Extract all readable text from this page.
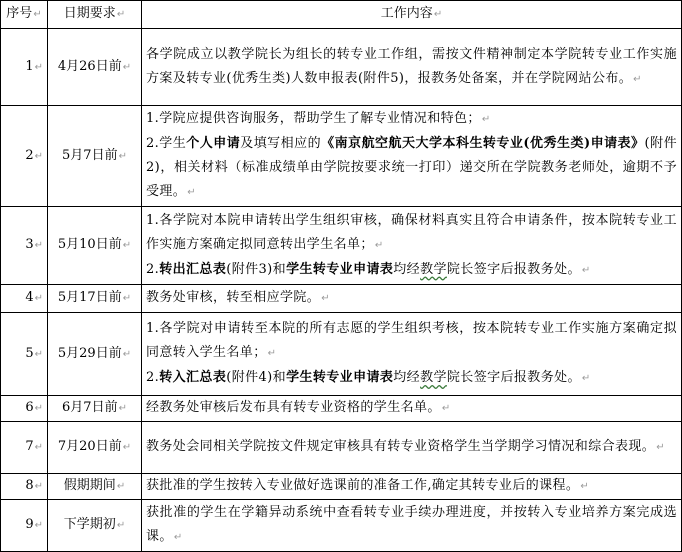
序号↵	日期要求↵	工作内容↵
1↵	4月26日前↵	各学院成立以教学院长为组长的转专业工作组，需按文件精神制定本学院转专业工作实施方案及转专业(优秀生类)人数申报表(附件5)，报教务处备案，并在学院网站公布。↵
2↵	5月7日前↵	1.学院应提供咨询服务，帮助学生了解专业情况和特色；↵
2.学生个人申请及填写相应的《南京航空航天大学本科生转专业(优秀生类)申请表》(附件2)，相关材料（标准成绩单由学院按要求统一打印）递交所在学院教务老师处，逾期不予受理。↵

3↵	5月10日前↵	1.各学院对本院申请转出学生组织审核，确保材料真实且符合申请条件，按本院转专业工作实施方案确定拟同意转出学生名单；↵
2.转出汇总表(附件3)和学生转专业申请表均经教学院长签字后报教务处。↵

4↵	5月17日前↵	教务处审核，转至相应学院。↵
5↵	5月29日前↵	1.各学院对申请转至本院的所有志愿的学生组织考核，按本院转专业工作实施方案确定拟同意转入学生名单；↵
2.转入汇总表(附件4)和学生转专业申请表均经教学院长签字后报教务处。↵

6↵	6月7日前↵	经教务处审核后发布具有转专业资格的学生名单。↵
7↵	7月20日前↵	教务处会同相关学院按文件规定审核具有转专业资格学生当学期学习情况和综合表现。↵
8↵	假期期间↵	获批准的学生按转入专业做好选课前的准备工作,确定其转专业后的课程。↵
9↵	下学期初↵	获批准的学生在学籍异动系统中查看转专业手续办理进度，并按转入专业培养方案完成选课。↵
